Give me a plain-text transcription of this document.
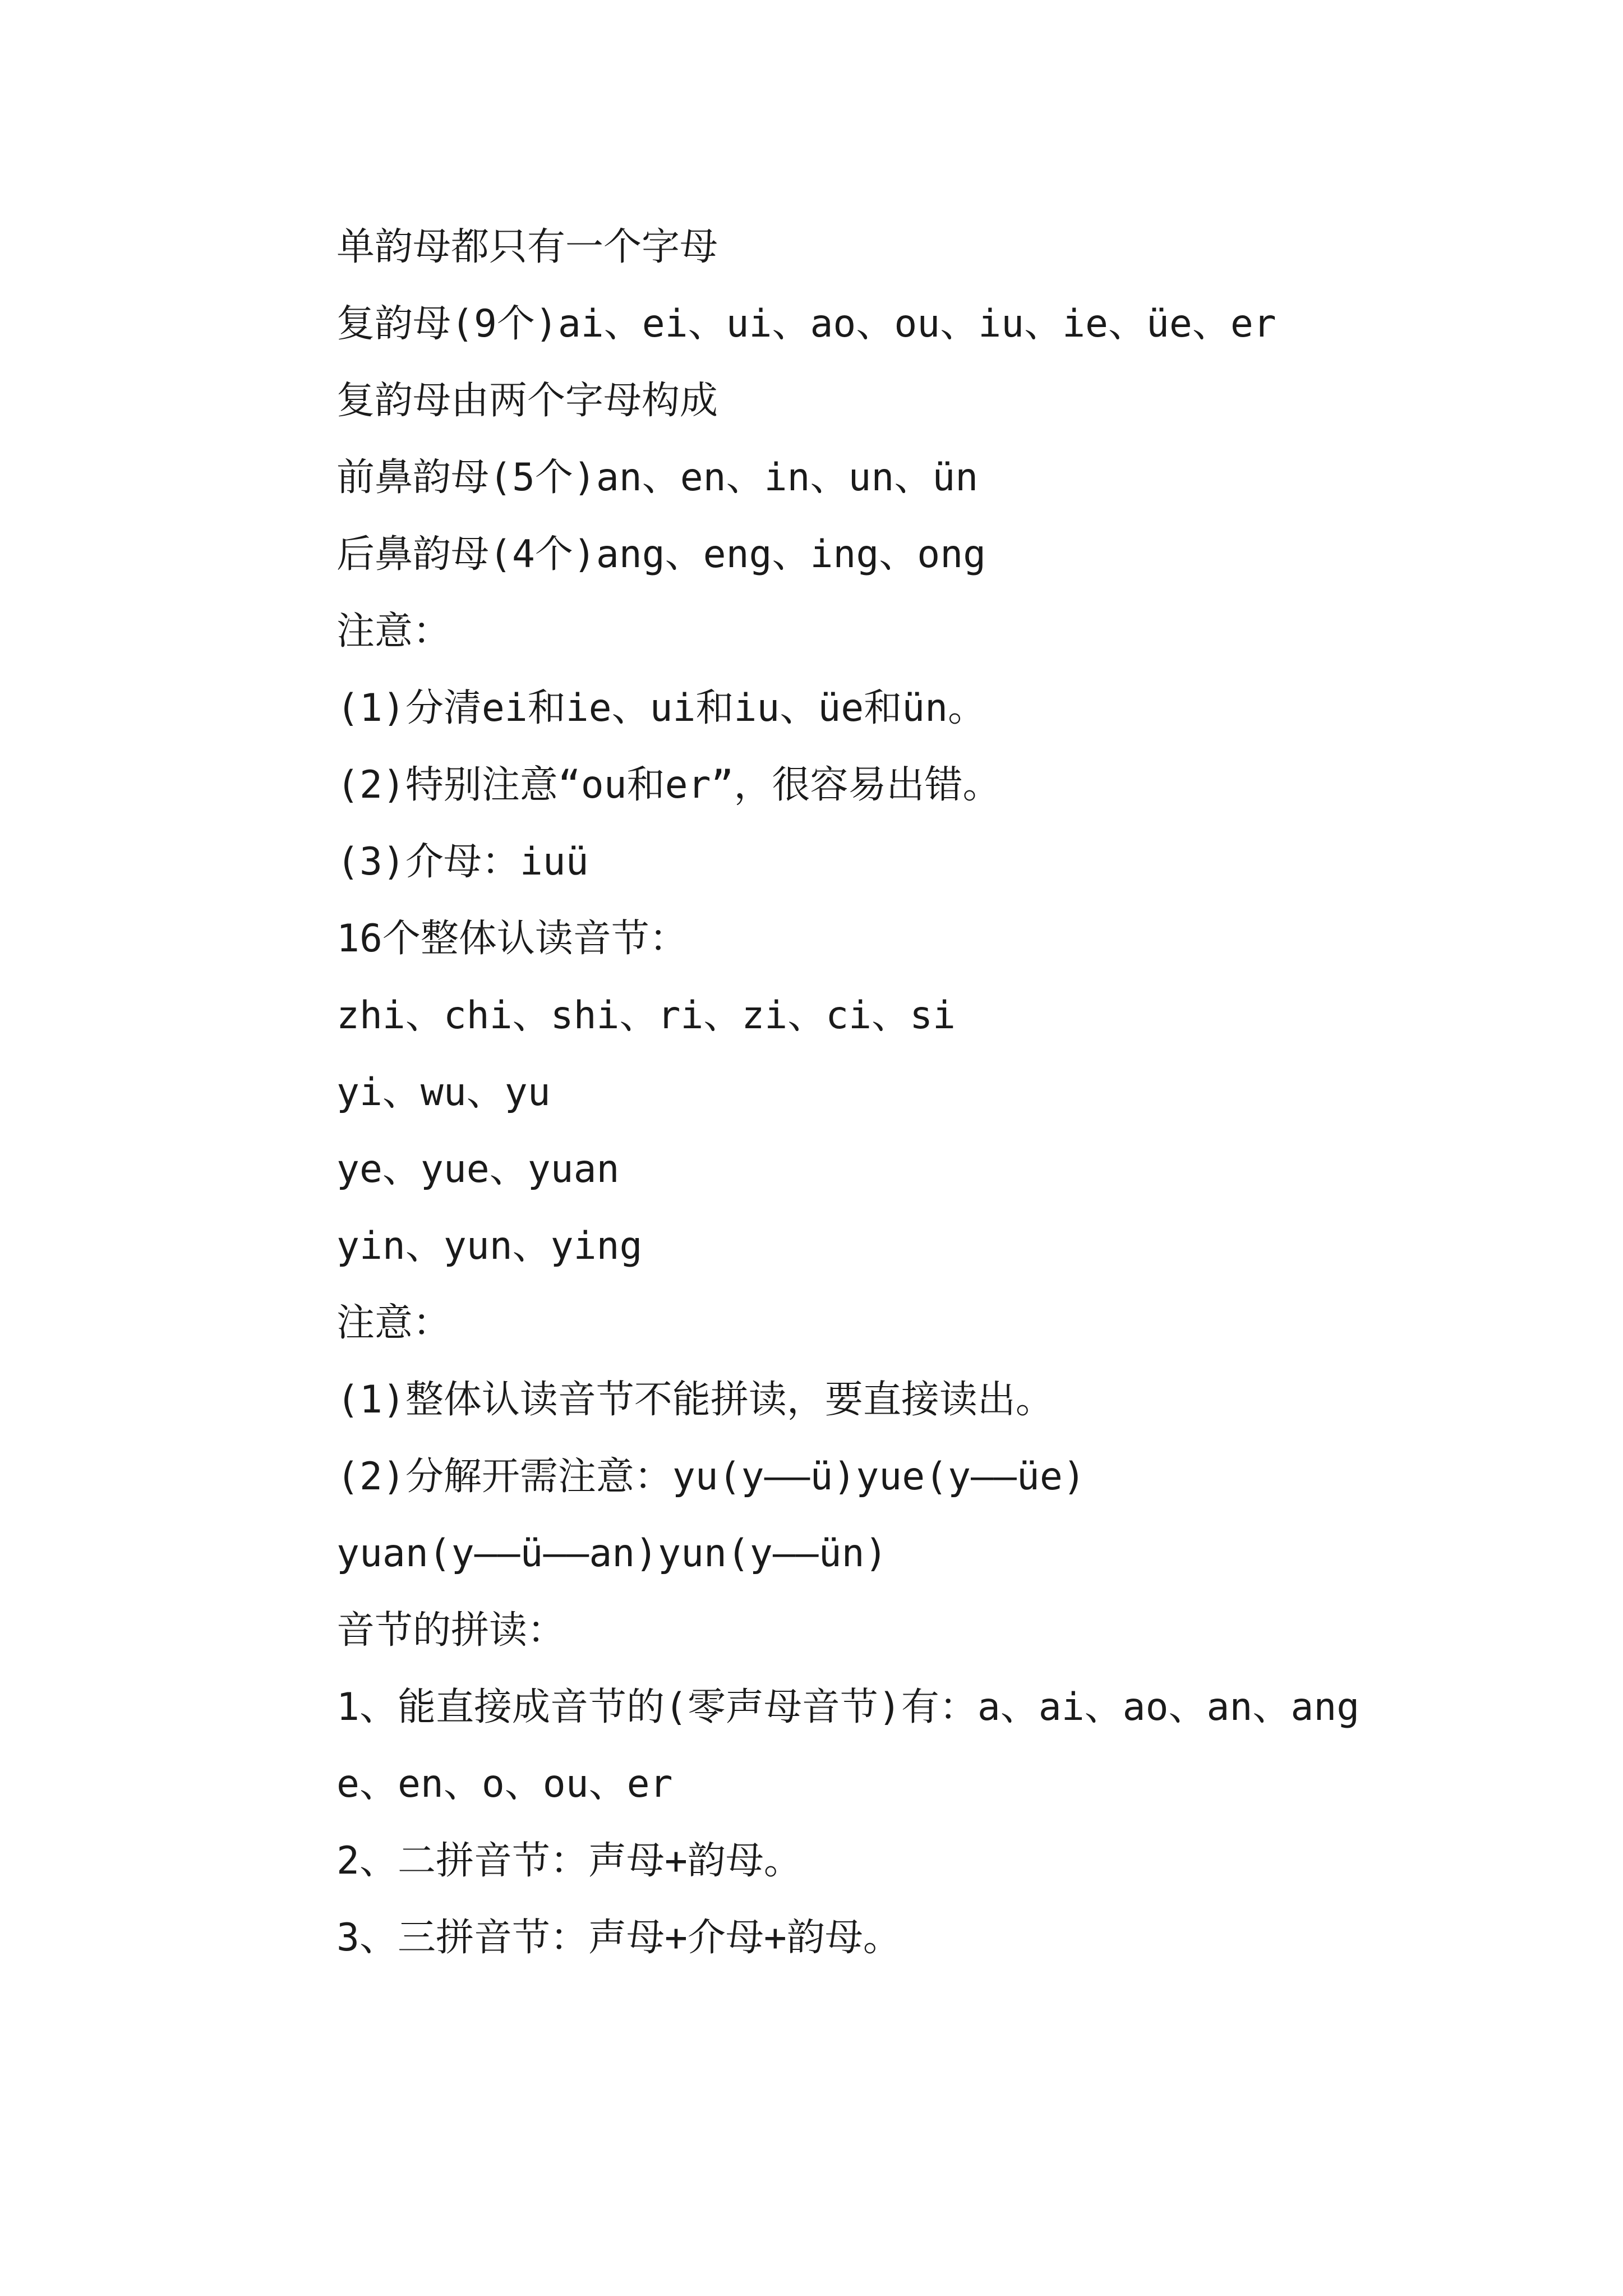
单韵母都只有一个字母
复韵母(9个)ai、ei、ui、ao、ou、iu、ie、üe、er
复韵母由两个字母构成
前鼻韵母(5个)an、en、in、un、ün
后鼻韵母(4个)ang、eng、ing、ong
注意：
(1)分清ei和ie、ui和iu、üe和ün。
(2)特别注意“ou和er”，很容易出错。
(3)介母：iuü
16个整体认读音节：
zhi、chi、shi、ri、zi、ci、si
yi、wu、yu
ye、yue、yuan
yin、yun、ying
注意：
(1)整体认读音节不能拼读，要直接读出。
(2)分解开需注意：yu(y——ü)yue(y——üe)
yuan(y——ü——an)yun(y——ün)
音节的拼读：
1、能直接成音节的(零声母音节)有：a、ai、ao、an、ang
e、en、o、ou、er
2、二拼音节：声母+韵母。
3、三拼音节：声母+介母+韵母。
